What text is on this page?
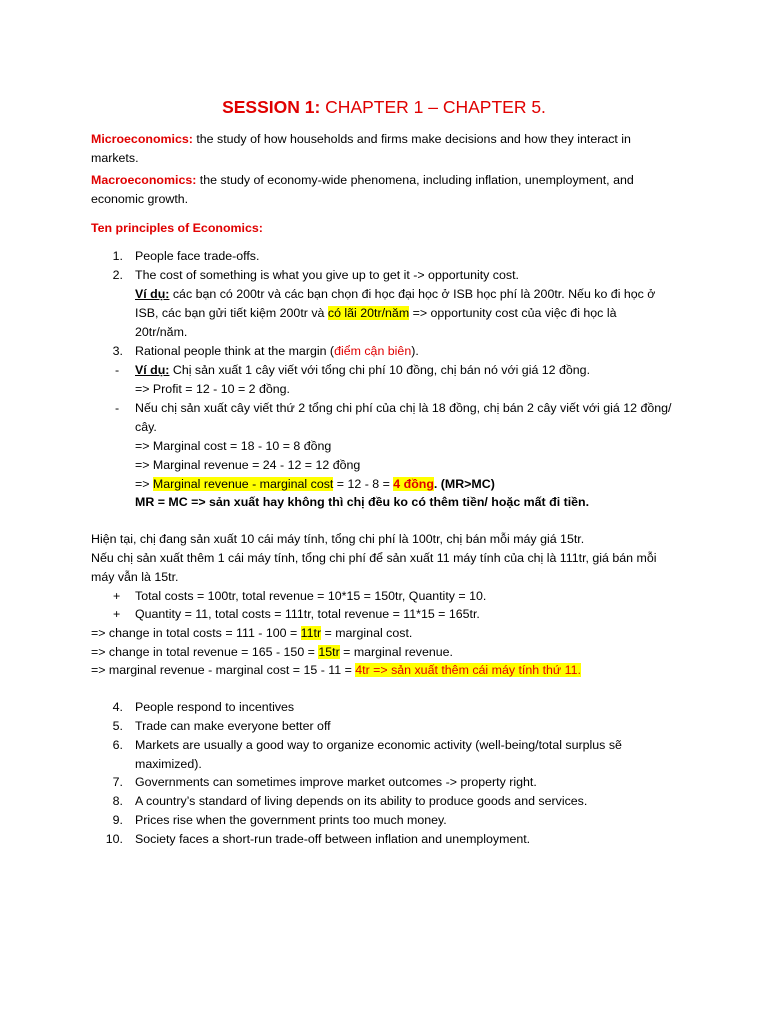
SESSION 1: CHAPTER 1 – CHAPTER 5.
Microeconomics: the study of how households and firms make decisions and how they interact in
markets.
Macroeconomics: the study of economy-wide phenomena, including inflation, unemployment, and
economic growth.
Ten principles of Economics:
1. People face trade-offs.
2. The cost of something is what you give up to get it -> opportunity cost.
Ví dụ: các bạn có 200tr và các bạn chọn đi học đại học ở ISB học phí là 200tr. Nếu ko đi học ở
ISB, các bạn gửi tiết kiệm 200tr và có lãi 20tr/năm => opportunity cost của việc đi học là
20tr/năm.
3. Rational people think at the margin (điểm cận biên).
- Ví dụ: Chị sản xuất 1 cây viết với tổng chi phí 10 đồng, chị bán nó với giá 12 đồng.
=> Profit = 12 - 10 = 2 đồng.
- Nếu chị sản xuất cây viết thứ 2 tổng chi phí của chị là 18 đồng, chị bán 2 cây viết với giá 12 đồng/
cây.
=> Marginal cost = 18 - 10 = 8 đồng
=> Marginal revenue = 24 - 12 = 12 đồng
=> Marginal revenue - marginal cost = 12 - 8 = 4 đồng. (MR>MC)
MR = MC => sản xuất hay không thì chị đều ko có thêm tiền/ hoặc mất đi tiền.
Hiện tại, chị đang sản xuất 10 cái máy tính, tổng chi phí là 100tr, chị bán mỗi máy giá 15tr.
Nếu chị sản xuất thêm 1 cái máy tính, tổng chi phí để sản xuất 11 máy tính của chị là 111tr, giá bán mỗi
máy vẫn là 15tr.
+ Total costs = 100tr, total revenue = 10*15 = 150tr, Quantity = 10.
+ Quantity = 11, total costs = 111tr, total revenue = 11*15 = 165tr.
=> change in total costs = 111 - 100 = 11tr = marginal cost.
=> change in total revenue = 165 - 150 = 15tr = marginal revenue.
=> marginal revenue - marginal cost = 15 - 11 = 4tr => sản xuất thêm cái máy tính thứ 11.
4. People respond to incentives
5. Trade can make everyone better off
6. Markets are usually a good way to organize economic activity (well-being/total surplus sẽ
maximized).
7. Governments can sometimes improve market outcomes -> property right.
8. A country’s standard of living depends on its ability to produce goods and services.
9. Prices rise when the government prints too much money.
10. Society faces a short-run trade-off between inflation and unemployment.
